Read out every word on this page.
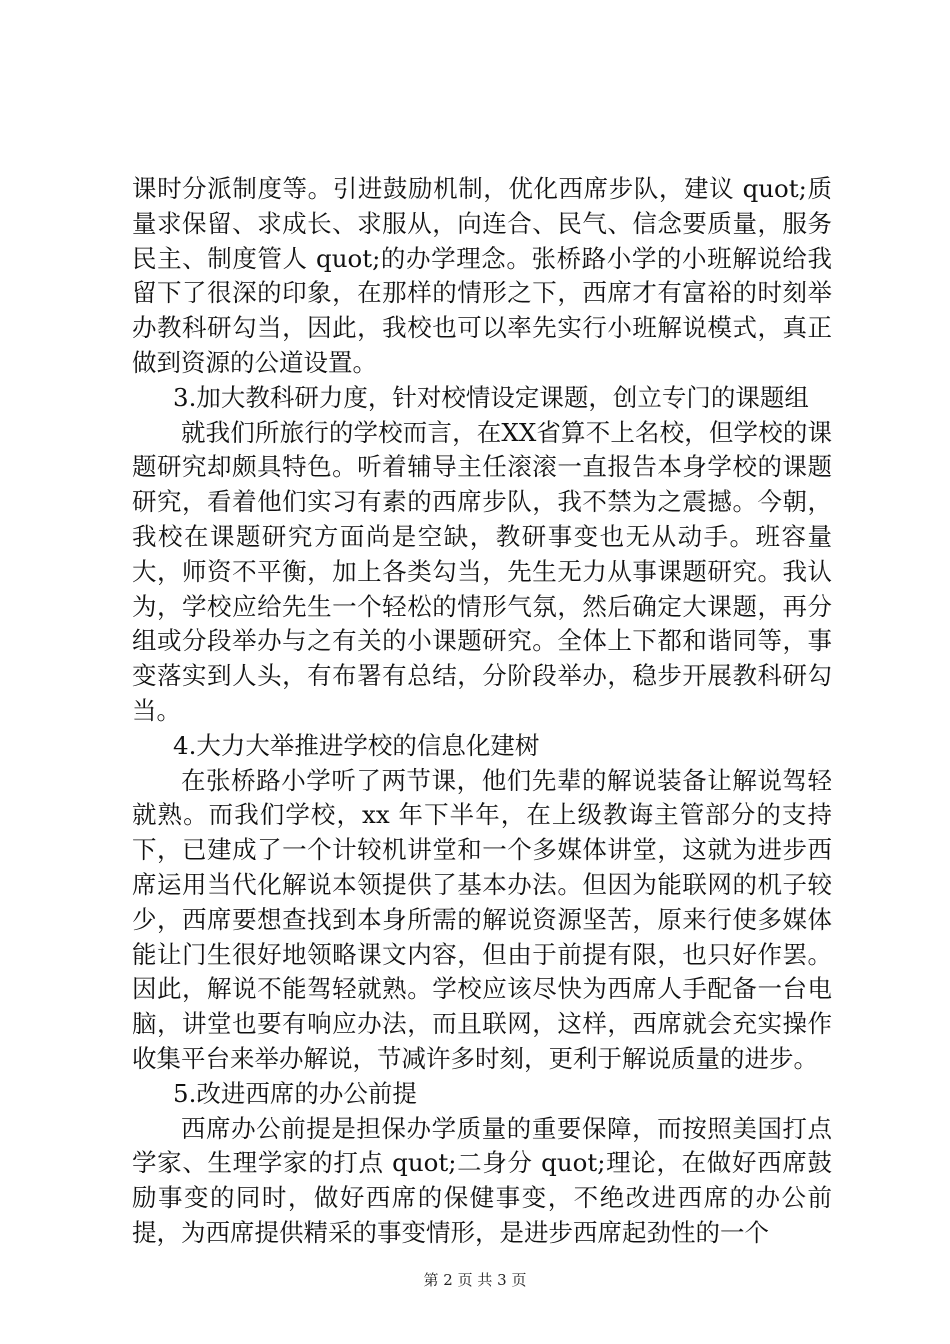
课时分派制度等。引进鼓励机制，优化西席步队，建议 quot;质量求保留、求成长、求服从，向连合、民气、信念要质量，服务民主、制度管人 quot;的办学理念。张桥路小学的小班解说给我留下了很深的印象，在那样的情形之下，西席才有富裕的时刻举办教科研勾当，因此，我校也可以率先实行小班解说模式，真正做到资源的公道设置。

3.加大教科研力度，针对校情设定课题，创立专门的课题组

就我们所旅行的学校而言，在XX省算不上名校，但学校的课题研究却颇具特色。听着辅导主任滚滚一直报告本身学校的课题研究，看着他们实习有素的西席步队，我不禁为之震撼。今朝，我校在课题研究方面尚是空缺，教研事变也无从动手。班容量大，师资不平衡，加上各类勾当，先生无力从事课题研究。我认为，学校应给先生一个轻松的情形气氛，然后确定大课题，再分组或分段举办与之有关的小课题研究。全体上下都和谐同等，事变落实到人头，有布署有总结，分阶段举办，稳步开展教科研勾当。

4.大力大举推进学校的信息化建树

在张桥路小学听了两节课，他们先辈的解说装备让解说驾轻就熟。而我们学校，xx 年下半年，在上级教诲主管部分的支持下，已建成了一个计较机讲堂和一个多媒体讲堂，这就为进步西席运用当代化解说本领提供了基本办法。但因为能联网的机子较少，西席要想查找到本身所需的解说资源坚苦，原来行使多媒体能让门生很好地领略课文内容，但由于前提有限，也只好作罢。因此，解说不能驾轻就熟。学校应该尽快为西席人手配备一台电脑，讲堂也要有响应办法，而且联网，这样，西席就会充实操作收集平台来举办解说，节减许多时刻，更利于解说质量的进步。

5.改进西席的办公前提

西席办公前提是担保办学质量的重要保障，而按照美国打点学家、生理学家的打点 quot;二身分 quot;理论，在做好西席鼓励事变的同时，做好西席的保健事变，不绝改进西席的办公前提，为西席提供精采的事变情形，是进步西席起劲性的一个

第 2 页 共 3 页
